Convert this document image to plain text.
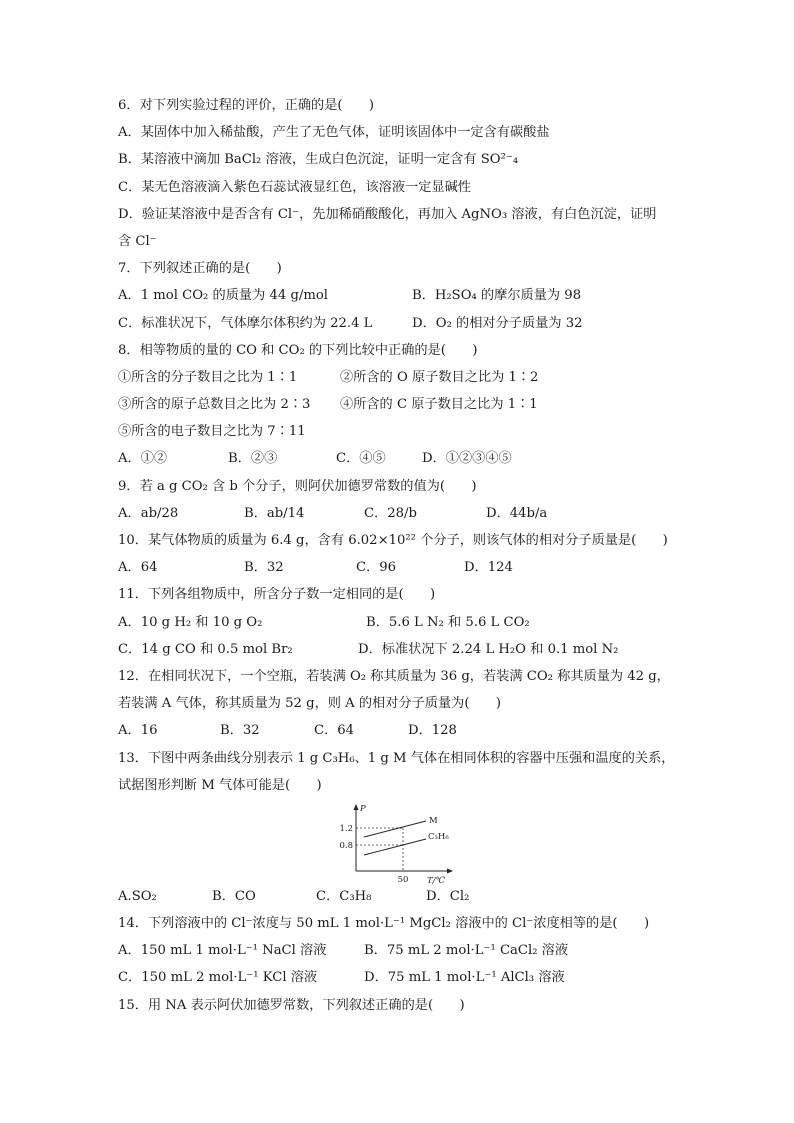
6．对下列实验过程的评价，正确的是(　　)
A．某固体中加入稀盐酸，产生了无色气体，证明该固体中一定含有碳酸盐
B．某溶液中滴加 BaCl₂ 溶液，生成白色沉淀，证明一定含有 SO²⁻₄
C．某无色溶液滴入紫色石蕊试液显红色，该溶液一定显碱性
D．验证某溶液中是否含有 Cl⁻，先加稀硝酸酸化，再加入 AgNO₃ 溶液，有白色沉淀，证明
含 Cl⁻
7．下列叙述正确的是(　　)
A．1 mol CO₂ 的质量为 44 g/mol	B．H₂SO₄ 的摩尔质量为 98
C．标准状况下，气体摩尔体积约为 22.4 L	D．O₂ 的相对分子质量为 32
8．相等物质的量的 CO 和 CO₂ 的下列比较中正确的是(　　)
①所含的分子数目之比为 1∶1	②所含的 O 原子数目之比为 1∶2
③所含的原子总数目之比为 2∶3 ④所含的 C 原子数目之比为 1∶1
⑤所含的电子数目之比为 7∶11
A．①②	B．②③	C．④⑤	D．①②③④⑤
9．若 a g CO₂ 含 b 个分子，则阿伏加德罗常数的值为(　　)
A．ab/28	B．ab/14	C．28/b	D．44b/a
10．某气体物质的质量为 6.4 g，含有 6.02×10²² 个分子，则该气体的相对分子质量是(　　)
A．64	B．32	C．96	D．124
11．下列各组物质中，所含分子数一定相同的是(　　)
A．10 g H₂ 和 10 g O₂	B．5.6 L N₂ 和 5.6 L CO₂
C．14 g CO 和 0.5 mol Br₂	D．标准状况下 2.24 L H₂O 和 0.1 mol N₂
12．在相同状况下，一个空瓶，若装满 O₂ 称其质量为 36 g，若装满 CO₂ 称其质量为 42 g，
若装满 A 气体，称其质量为 52 g，则 A 的相对分子质量为(　　)
A．16	B．32	C．64	D．128
13．下图中两条曲线分别表示 1 g C₃H₆、1 g M 气体在相同体积的容器中压强和温度的关系，
试据图形判断 M 气体可能是(　　)
P
1.2
0.8
50 T/℃
M
C₃H₆
A.SO₂	B．CO	C．C₃H₈	D．Cl₂
14．下列溶液中的 Cl⁻浓度与 50 mL 1 mol·L⁻¹ MgCl₂ 溶液中的 Cl⁻浓度相等的是(　　)
A．150 mL 1 mol·L⁻¹ NaCl 溶液	B．75 mL 2 mol·L⁻¹ CaCl₂ 溶液
C．150 mL 2 mol·L⁻¹ KCl 溶液	D．75 mL 1 mol·L⁻¹ AlCl₃ 溶液
15．用 NA 表示阿伏加德罗常数，下列叙述正确的是(　　)
